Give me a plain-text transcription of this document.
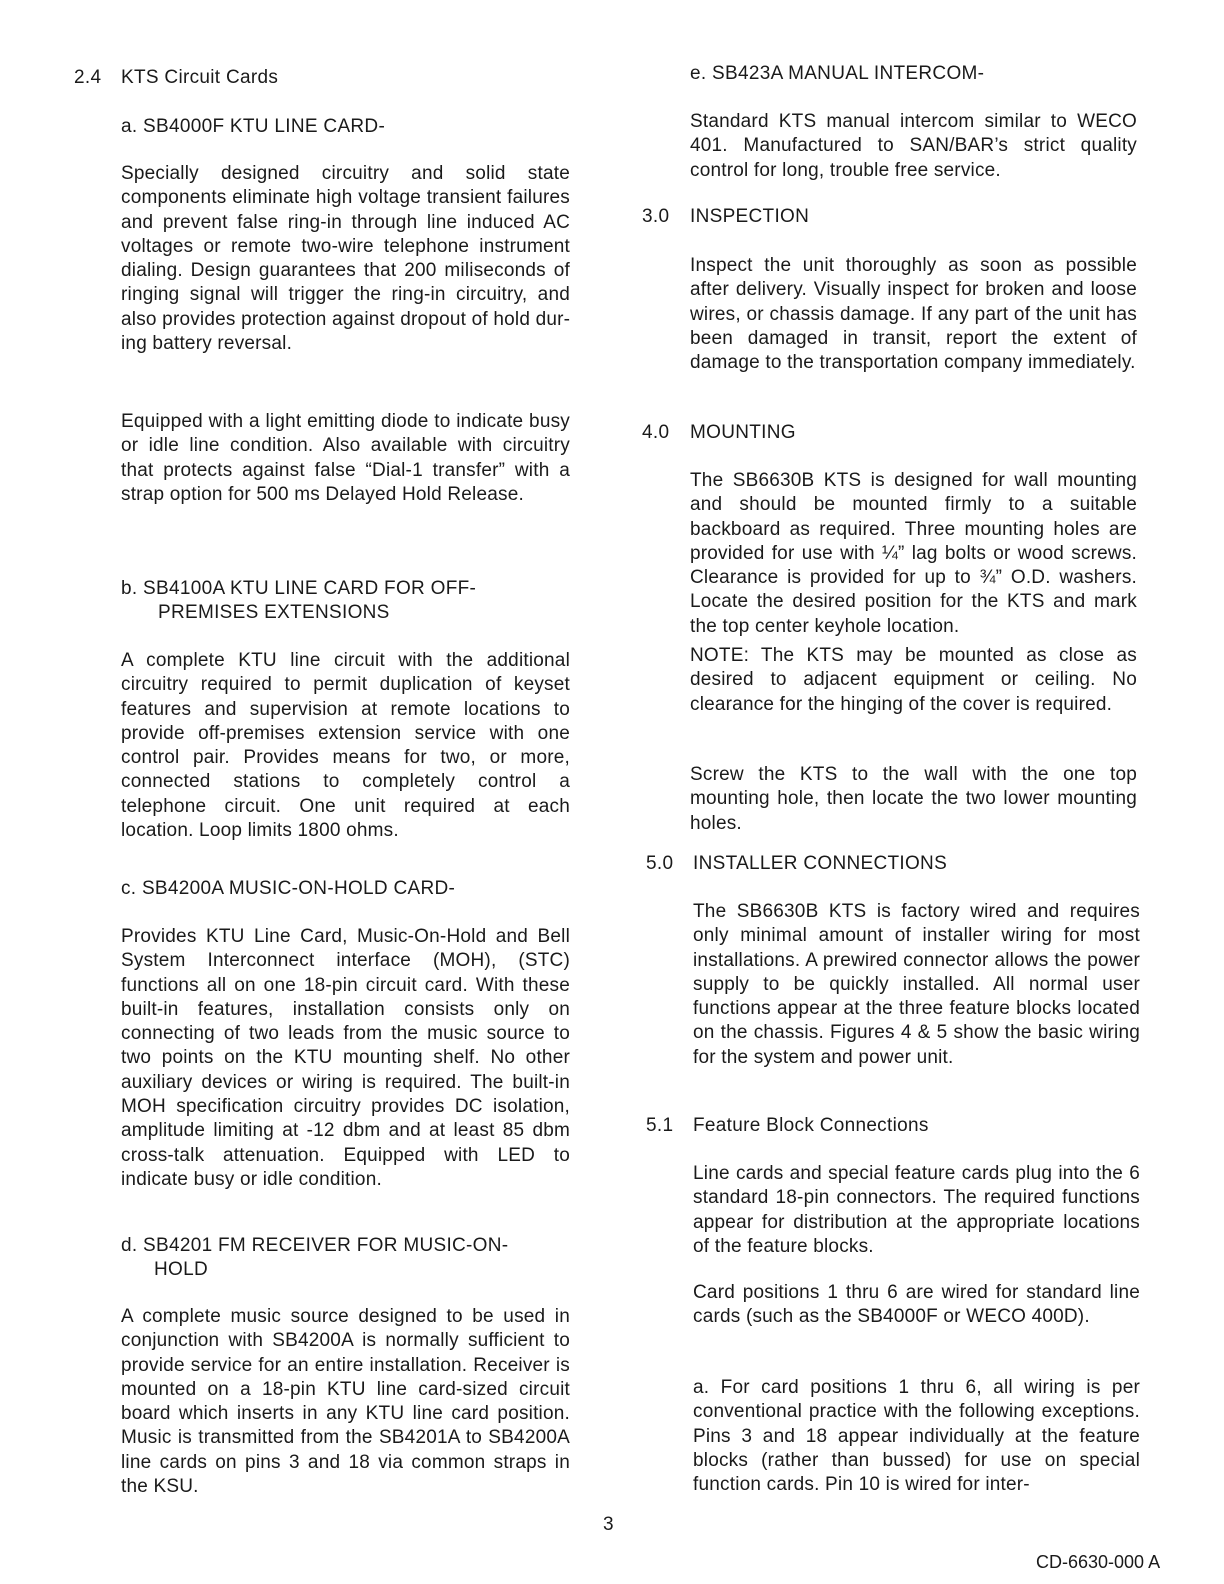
2.4 KTS Circuit Cards
a. SB4000F KTU LINE CARD-
Specially designed circuitry and solid state components eliminate high voltage transient failures and prevent false ring-in through line induced AC voltages or remote two-wire telephone instrument dialing. Design guarantees that 200 miliseconds of ringing signal will trigger the ring-in circuitry, and also provides protection against dropout of hold during battery reversal.
Equipped with a light emitting diode to indicate busy or idle line condition. Also available with circuitry that protects against false “Dial-1 transfer” with a strap option for 500 ms Delayed Hold Release.
b. SB4100A KTU LINE CARD FOR OFF-
PREMISES EXTENSIONS
A complete KTU line circuit with the additional circuitry required to permit duplication of keyset features and supervision at remote locations to provide off-premises extension service with one control pair. Provides means for two, or more, connected stations to completely control a telephone circuit. One unit required at each location. Loop limits 1800 ohms.
c. SB4200A MUSIC-ON-HOLD CARD-
Provides KTU Line Card, Music-On-Hold and Bell System Interconnect interface (MOH), (STC) functions all on one 18-pin circuit card. With these built-in features, installation consists only on connecting of two leads from the music source to two points on the KTU mounting shelf. No other auxiliary devices or wiring is required. The built-in MOH specification circuitry provides DC isolation, amplitude limiting at -12 dbm and at least 85 dbm cross-talk attenuation. Equipped with LED to indicate busy or idle condition.
d. SB4201 FM RECEIVER FOR MUSIC-ON-
HOLD
A complete music source designed to be used in conjunction with SB4200A is normally sufficient to provide service for an entire installation. Receiver is mounted on a 18-pin KTU line card-sized circuit board which inserts in any KTU line card position. Music is transmitted from the SB4201A to SB4200A line cards on pins 3 and 18 via common straps in the KSU.
e. SB423A MANUAL INTERCOM-
Standard KTS manual intercom similar to WECO 401. Manufactured to SAN/BAR’s strict quality control for long, trouble free service.
3.0 INSPECTION
Inspect the unit thoroughly as soon as possible after delivery. Visually inspect for broken and loose wires, or chassis damage. If any part of the unit has been damaged in transit, report the extent of damage to the transportation company immediately.
4.0 MOUNTING
The SB6630B KTS is designed for wall mounting and should be mounted firmly to a suitable backboard as required. Three mounting holes are provided for use with ¼” lag bolts or wood screws. Clearance is provided for up to ¾” O.D. washers. Locate the desired position for the KTS and mark the top center keyhole location.
NOTE: The KTS may be mounted as close as desired to adjacent equipment or ceiling. No clearance for the hinging of the cover is required.
Screw the KTS to the wall with the one top mounting hole, then locate the two lower mounting holes.
5.0 INSTALLER CONNECTIONS
The SB6630B KTS is factory wired and requires only minimal amount of installer wiring for most installations. A prewired connector allows the power supply to be quickly installed. All normal user functions appear at the three feature blocks located on the chassis. Figures 4 & 5 show the basic wiring for the system and power unit.
5.1 Feature Block Connections
Line cards and special feature cards plug into the 6 standard 18-pin connectors. The required functions appear for distribution at the appropriate locations of the feature blocks.
Card positions 1 thru 6 are wired for standard line cards (such as the SB4000F or WECO 400D).
a. For card positions 1 thru 6, all wiring is per conventional practice with the following exceptions. Pins 3 and 18 appear individually at the feature blocks (rather than bussed) for use on special function cards. Pin 10 is wired for inter-
3
CD-6630-000 A
